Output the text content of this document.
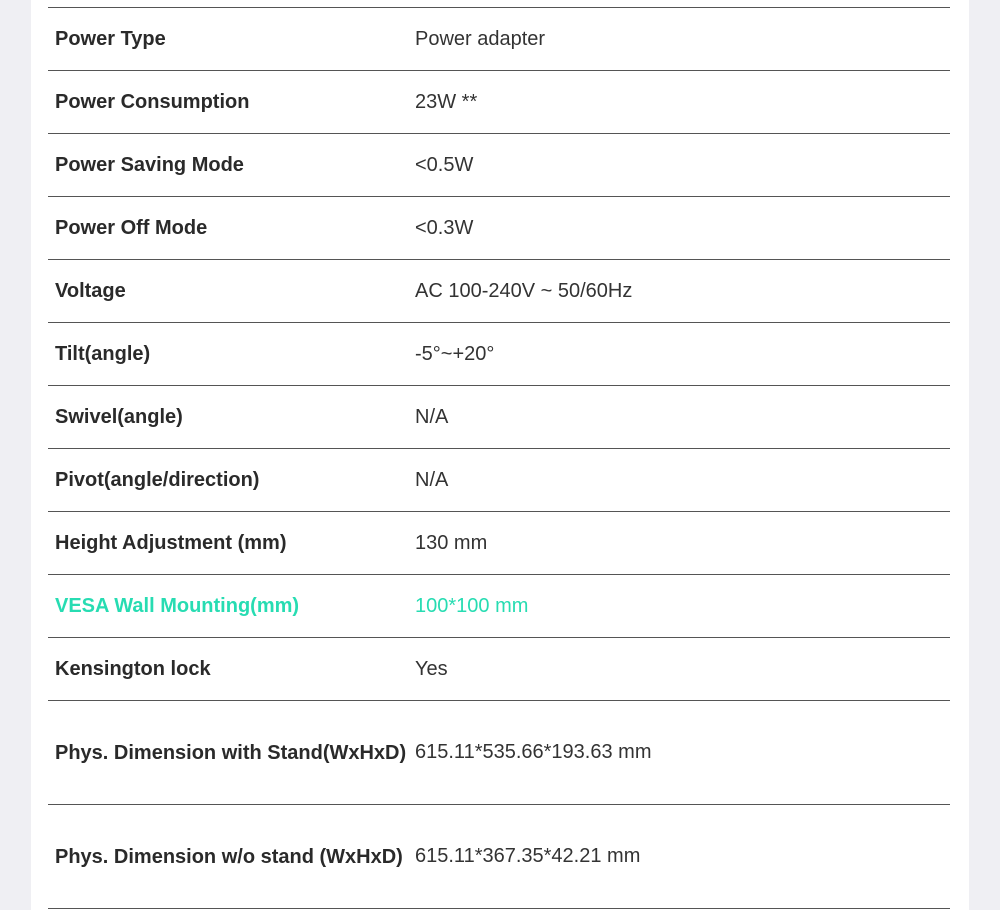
Power Type	Power adapter
Power Consumption	23W **
Power Saving Mode	<0.5W
Power Off Mode	<0.3W
Voltage	AC 100-240V ~ 50/60Hz
Tilt(angle)	-5°~+20°
Swivel(angle)	N/A
Pivot(angle/direction)	N/A
Height Adjustment (mm)	130 mm
VESA Wall Mounting(mm)	100*100 mm
Kensington lock	Yes
Phys. Dimension with Stand(WxHxD)	615.11*535.66*193.63 mm
Phys. Dimension w/o stand (WxHxD)	615.11*367.35*42.21 mm
